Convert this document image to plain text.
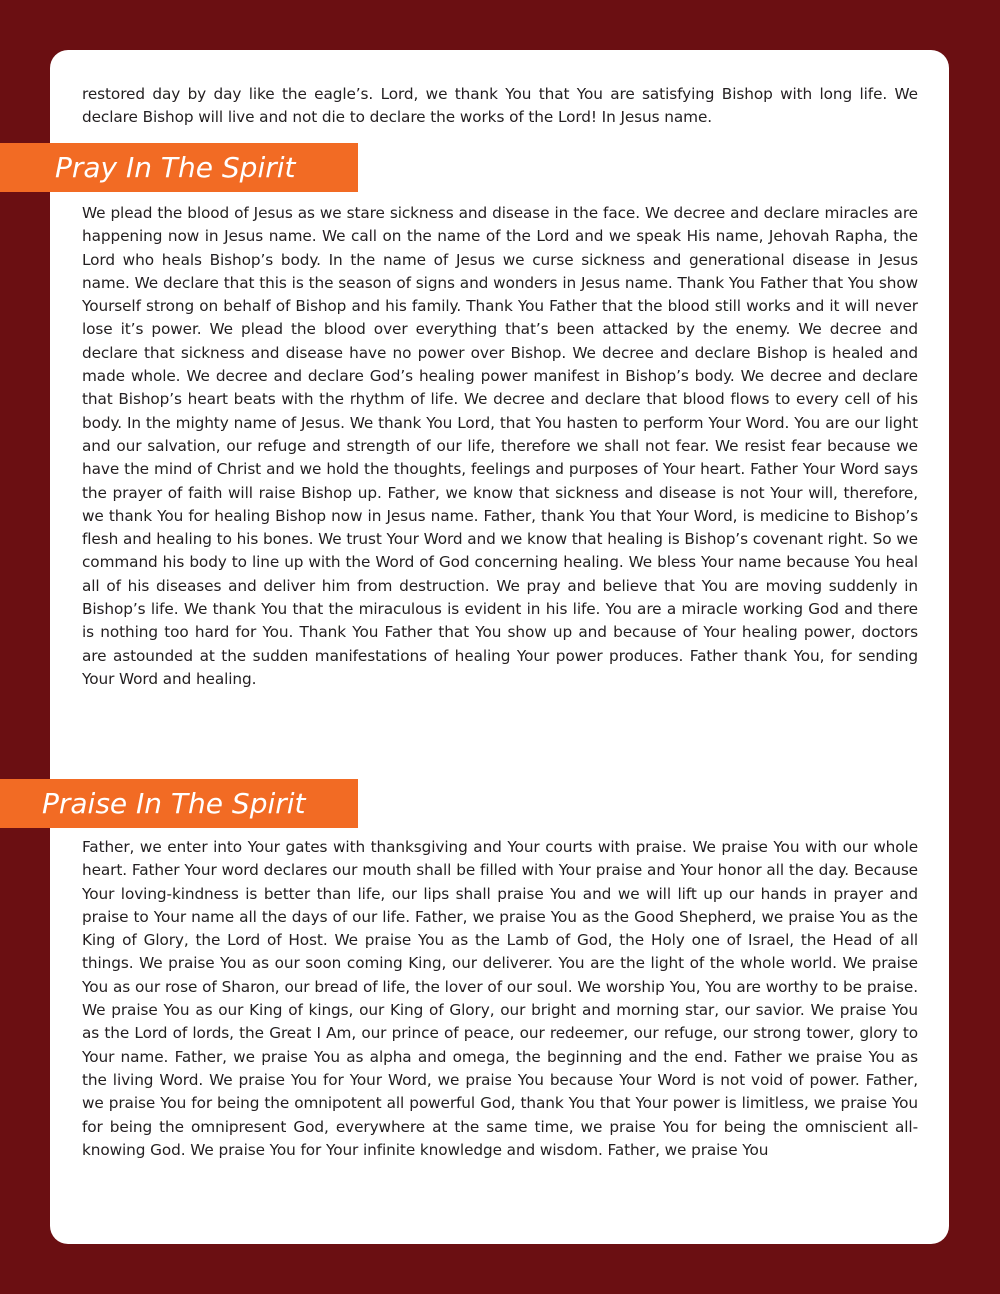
restored day by day like the eagle’s. Lord, we thank You that You are satisfying Bishop with long life. We declare Bishop will live and not die to declare the works of the Lord! In Jesus name.

Pray In The Spirit

We plead the blood of Jesus as we stare sickness and disease in the face. We decree and declare miracles are happening now in Jesus name. We call on the name of the Lord and we speak His name, Jehovah Rapha, the Lord who heals Bishop’s body. In the name of Jesus we curse sickness and generational disease in Jesus name. We declare that this is the season of signs and wonders in Jesus name. Thank You Father that You show Yourself strong on behalf of Bishop and his family. Thank You Father that the blood still works and it will never lose it’s power. We plead the blood over everything that’s been attacked by the enemy. We decree and declare that sickness and disease have no power over Bishop. We decree and declare Bishop is healed and made whole. We decree and declare God’s healing power manifest in Bishop’s body. We decree and declare that Bishop’s heart beats with the rhythm of life. We decree and declare that blood flows to every cell of his body. In the mighty name of Jesus. We thank You Lord, that You hasten to perform Your Word. You are our light and our salvation, our refuge and strength of our life, therefore we shall not fear. We resist fear because we have the mind of Christ and we hold the thoughts, feelings and purposes of Your heart. Father Your Word says the prayer of faith will raise Bishop up. Father, we know that sickness and disease is not Your will, therefore, we thank You for healing Bishop now in Jesus name. Father, thank You that Your Word, is medicine to Bishop’s flesh and healing to his bones. We trust Your Word and we know that healing is Bishop’s covenant right. So we command his body to line up with the Word of God concerning healing. We bless Your name because You heal all of his diseases and deliver him from destruction. We pray and believe that You are moving suddenly in Bishop’s life. We thank You that the miraculous is evident in his life. You are a miracle working God and there is nothing too hard for You. Thank You Father that You show up and because of Your healing power, doctors are astounded at the sudden manifestations of healing Your power produces. Father thank You, for sending Your Word and healing.

Praise In The Spirit

Father, we enter into Your gates with thanksgiving and Your courts with praise. We praise You with our whole heart. Father Your word declares our mouth shall be filled with Your praise and Your honor all the day. Because Your loving-kindness is better than life, our lips shall praise You and we will lift up our hands in prayer and praise to Your name all the days of our life. Father, we praise You as the Good Shepherd, we praise You as the King of Glory, the Lord of Host. We praise You as the Lamb of God, the Holy one of Israel, the Head of all things. We praise You as our soon coming King, our deliverer. You are the light of the whole world. We praise You as our rose of Sharon, our bread of life, the lover of our soul. We worship You, You are worthy to be praise. We praise You as our King of kings, our King of Glory, our bright and morning star, our savior. We praise You as the Lord of lords, the Great I Am, our prince of peace, our redeemer, our refuge, our strong tower, glory to Your name. Father, we praise You as alpha and omega, the beginning and the end. Father we praise You as the living Word. We praise You for Your Word, we praise You because Your Word is not void of power. Father, we praise You for being the omnipotent all powerful God, thank You that Your power is limitless, we praise You for being the omnipresent God, everywhere at the same time, we praise You for being the omniscient all-knowing God. We praise You for Your infinite knowledge and wisdom. Father, we praise You
